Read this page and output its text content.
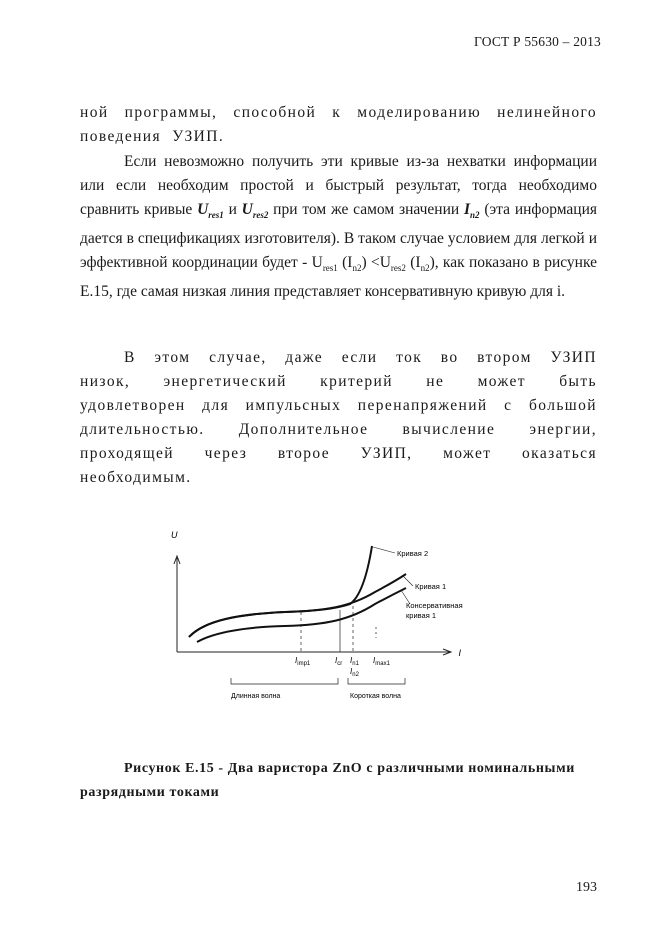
ГОСТ Р 55630 – 2013

ной программы, способной к моделированию нелинейного поведения УЗИП.

Если невозможно получить эти кривые из-за нехватки информации или если необходим простой и быстрый результат, тогда необходимо сравнить кривые $U_{res1}$ и $U_{res2}$ при том же самом значении $I_{n2}$ (эта информация дается в спецификациях изготовителя). В таком случае условием для легкой и эффективной координации будет - $U_{res1}$ $(I_{n2}) <U_{res2}$ $(I_{n2})$, как показано в рисунке E.15, где самая низкая линия представляет консервативную кривую для i.

В этом случае, даже если ток во втором УЗИП низок, энергетический критерий не может быть удовлетворен для импульсных перенапряжений с большой длительностью. Дополнительное вычисление энергии, проходящей через второе УЗИП, может оказаться необходимым.

U
I
Кривая 2
Кривая 1
Консервативная
кривая 1
$I_{imp1}$	$I_{cr}$ $I_{n1}$
$I_{n2}$
$I_{max1}$
Длинная волна	Короткая волна
Рисунок Е.15 - Два варистора ZnO с различными номинальными разрядными токами
193
